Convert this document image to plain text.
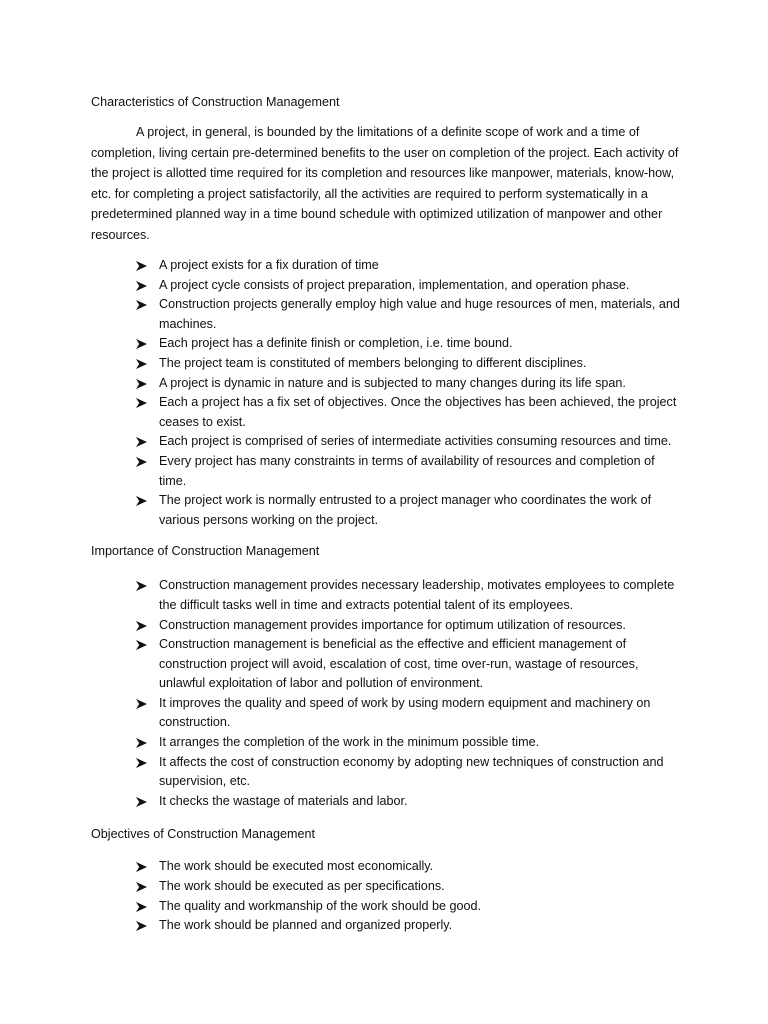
Characteristics of Construction Management

A project, in general, is bounded by the limitations of a definite scope of work and a time of completion, living certain pre-determined benefits to the user on completion of the project. Each activity of the project is allotted time required for its completion and resources like manpower, materials, know-how, etc. for completing a project satisfactorily, all the activities are required to perform systematically in a predetermined planned way in a time bound schedule with optimized utilization of manpower and other resources.

A project exists for a fix duration of time
A project cycle consists of project preparation, implementation, and operation phase.
Construction projects generally employ high value and huge resources of men, materials, and machines.
Each project has a definite finish or completion, i.e. time bound.
The project team is constituted of members belonging to different disciplines.
A project is dynamic in nature and is subjected to many changes during its life span.
Each a project has a fix set of objectives. Once the objectives has been achieved, the project ceases to exist.
Each project is comprised of series of intermediate activities consuming resources and time.
Every project has many constraints in terms of availability of resources and completion of time.
The project work is normally entrusted to a project manager who coordinates the work of various persons working on the project.

Importance of Construction Management

Construction management provides necessary leadership, motivates employees to complete the difficult tasks well in time and extracts potential talent of its employees.
Construction management provides importance for optimum utilization of resources.
Construction management is beneficial as the effective and efficient management of construction project will avoid, escalation of cost, time over-run, wastage of resources, unlawful exploitation of labor and pollution of environment.
It improves the quality and speed of work by using modern equipment and machinery on construction.
It arranges the completion of the work in the minimum possible time.
It affects the cost of construction economy by adopting new techniques of construction and supervision, etc.
It checks the wastage of materials and labor.

Objectives of Construction Management

The work should be executed most economically.
The work should be executed as per specifications.
The quality and workmanship of the work should be good.
The work should be planned and organized properly.
